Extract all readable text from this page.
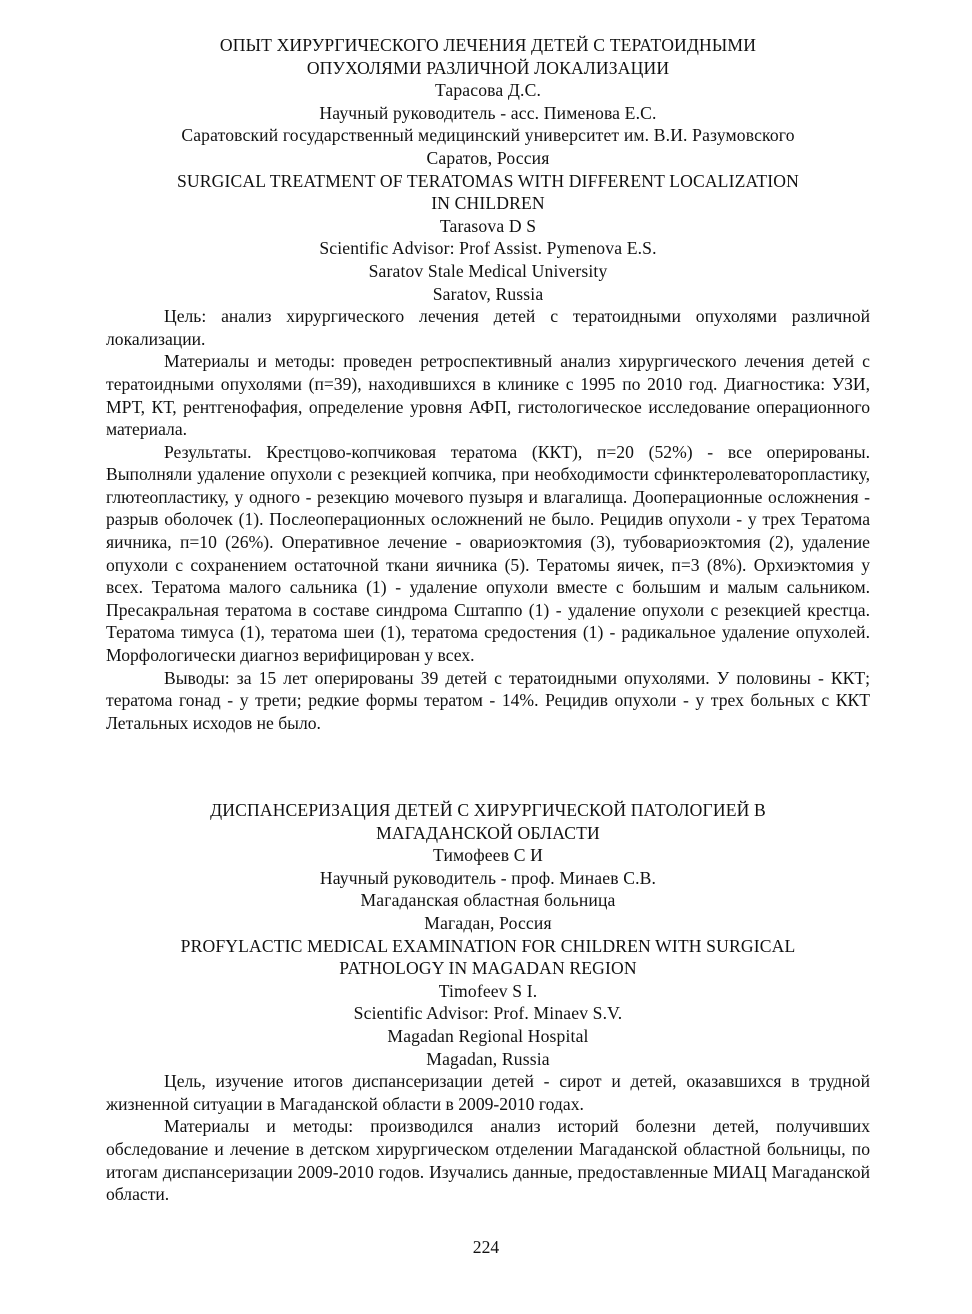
ОПЫТ ХИРУРГИЧЕСКОГО ЛЕЧЕНИЯ ДЕТЕЙ С ТЕРАТОИДНЫМИ
ОПУХОЛЯМИ РАЗЛИЧНОЙ ЛОКАЛИЗАЦИИ
Тарасова Д.С.
Научный руководитель - асс. Пименова Е.С.
Саратовский государственный медицинский университет им. В.И. Разумовского
Саратов, Россия
SURGICAL TREATMENT OF TERATOMAS WITH DIFFERENT LOCALIZATION
IN CHILDREN
Tarasova D S
Scientific Advisor: Prof Assist. Pymenova E.S.
Saratov Stale Medical University
Saratov, Russia

Цель: анализ хирургического лечения детей с тератоидными опухолями различной локализации.

Материалы и методы: проведен ретроспективный анализ хирургического лечения детей с тератоидными опухолями (п=39), находившихся в клинике с 1995 по 2010 год. Диагностика: УЗИ, МРТ, КТ, рентгенофафия, определение уровня АФП, гистологическое исследование операционного материала.

Результаты. Крестцово-копчиковая тератома (ККТ), п=20 (52%) - все оперированы. Выполняли удаление опухоли с резекцией копчика, при необходимости сфинктеролеваторопластику, глютеопластику, у одного - резекцию мочевого пузыря и влагалища. Дооперационные осложнения - разрыв оболочек (1). Послеоперационных осложнений не было. Рецидив опухоли - у трех Тератома яичника, п=10 (26%). Оперативное лечение - овариоэктомия (3), тубовариоэктомия (2), удаление опухоли с сохранением остаточной ткани яичника (5). Тератомы яичек, п=3 (8%). Орхиэктомия у всех. Тератома малого сальника (1) - удаление опухоли вместе с большим и малым сальником. Пресакральная тератома в составе синдрома Сштаппо (1) - удаление опухоли с резекцией крестца. Тератома тимуса (1), тератома шеи (1), тератома средостения (1) - радикальное удаление опухолей. Морфологически диагноз верифицирован у всех.

Выводы: за 15 лет оперированы 39 детей с тератоидными опухолями. У половины - ККТ; тератома гонад - у трети; редкие формы тератом - 14%. Рецидив опухоли - у трех больных с ККТ Летальных исходов не было.

ДИСПАНСЕРИЗАЦИЯ ДЕТЕЙ С ХИРУРГИЧЕСКОЙ ПАТОЛОГИЕЙ В
МАГАДАНСКОЙ ОБЛАСТИ
Тимофеев С И
Научный руководитель - проф. Минаев С.В.
Магаданская областная больница
Магадан, Россия
PROFYLACTIC MEDICAL EXAMINATION FOR CHILDREN WITH SURGICAL
PATHOLOGY IN MAGADAN REGION
Timofeev S I.
Scientific Advisor: Prof. Minaev S.V.
Magadan Regional Hospital
Magadan, Russia

Цель, изучение итогов диспансеризации детей - сирот и детей, оказавшихся в трудной жизненной ситуации в Магаданской области в 2009-2010 годах.

Материалы и методы: производился анализ историй болезни детей, получивших обследование и лечение в детском хирургическом отделении Магаданской областной больницы, по итогам диспансеризации 2009-2010 годов. Изучались данные, предоставленные МИАЦ Магаданской области.

224
